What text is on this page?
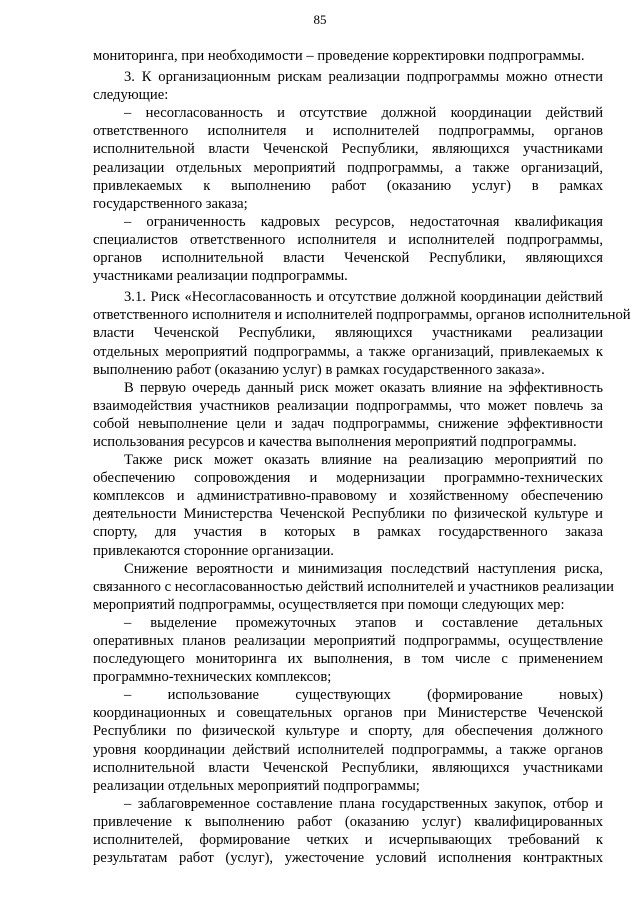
85
мониторинга, при необходимости – проведение корректировки подпрограммы.
3. К организационным рискам реализации подпрограммы можно отнести
следующие:
– несогласованность и отсутствие должной координации действий
ответственного исполнителя и исполнителей подпрограммы, органов
исполнительной власти Чеченской Республики, являющихся участниками
реализации отдельных мероприятий подпрограммы, а также организаций,
привлекаемых к выполнению работ (оказанию услуг) в рамках
государственного заказа;
– ограниченность кадровых ресурсов, недостаточная квалификация
специалистов ответственного исполнителя и исполнителей подпрограммы,
органов исполнительной власти Чеченской Республики, являющихся
участниками реализации подпрограммы.
3.1. Риск «Несогласованность и отсутствие должной координации действий
ответственного исполнителя и исполнителей подпрограммы, органов исполнительной
власти Чеченской Республики, являющихся участниками реализации
отдельных мероприятий подпрограммы, а также организаций, привлекаемых к
выполнению работ (оказанию услуг) в рамках государственного заказа».
В первую очередь данный риск может оказать влияние на эффективность
взаимодействия участников реализации подпрограммы, что может повлечь за
собой невыполнение цели и задач подпрограммы, снижение эффективности
использования ресурсов и качества выполнения мероприятий подпрограммы.
Также риск может оказать влияние на реализацию мероприятий по
обеспечению сопровождения и модернизации программно-технических
комплексов и административно-правовому и хозяйственному обеспечению
деятельности Министерства Чеченской Республики по физической культуре и
спорту, для участия в которых в рамках государственного заказа
привлекаются сторонние организации.
Снижение вероятности и минимизация последствий наступления риска,
связанного с несогласованностью действий исполнителей и участников реализации
мероприятий подпрограммы, осуществляется при помощи следующих мер:
– выделение промежуточных этапов и составление детальных
оперативных планов реализации мероприятий подпрограммы, осуществление
последующего мониторинга их выполнения, в том числе с применением
программно-технических комплексов;
– использование существующих (формирование новых)
координационных и совещательных органов при Министерстве Чеченской
Республики по физической культуре и спорту, для обеспечения должного
уровня координации действий исполнителей подпрограммы, а также органов
исполнительной власти Чеченской Республики, являющихся участниками
реализации отдельных мероприятий подпрограммы;
– заблаговременное составление плана государственных закупок, отбор и
привлечение к выполнению работ (оказанию услуг) квалифицированных
исполнителей, формирование четких и исчерпывающих требований к
результатам работ (услуг), ужесточение условий исполнения контрактных
